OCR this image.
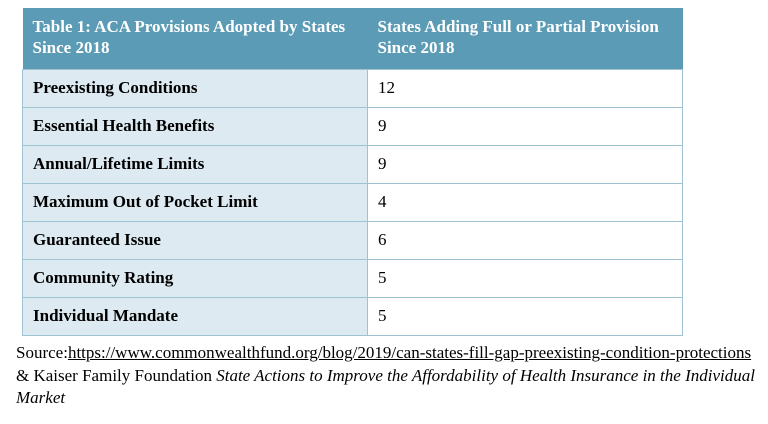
Table 1: ACA Provisions Adopted by States Since 2018	States Adding Full or Partial Provision Since 2018
Preexisting Conditions	12
Essential Health Benefits	9
Annual/Lifetime Limits	9
Maximum Out of Pocket Limit	4
Guaranteed Issue	6
Community Rating	5
Individual Mandate	5

Source:https://www.commonwealthfund.org/blog/2019/can-states-fill-gap-preexisting-condition-protections & Kaiser Family Foundation State Actions to Improve the Affordability of Health Insurance in the Individual Market
